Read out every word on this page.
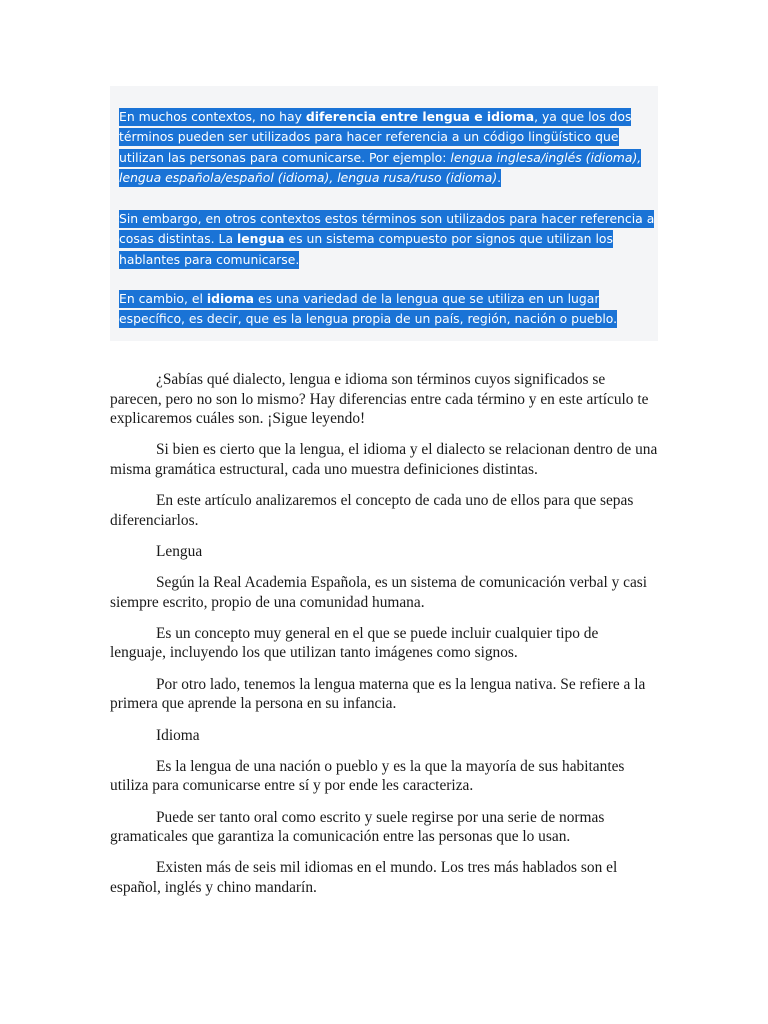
En muchos contextos, no hay diferencia entre lengua e idioma, ya que los dos términos pueden ser utilizados para hacer referencia a un código lingüístico que utilizan las personas para comunicarse. Por ejemplo: lengua inglesa/inglés (idioma), lengua española/español (idioma), lengua rusa/ruso (idioma).

Sin embargo, en otros contextos estos términos son utilizados para hacer referencia a cosas distintas. La lengua es un sistema compuesto por signos que utilizan los hablantes para comunicarse.

En cambio, el idioma es una variedad de la lengua que se utiliza en un lugar específico, es decir, que es la lengua propia de un país, región, nación o pueblo.

¿Sabías qué dialecto, lengua e idioma son términos cuyos significados se parecen, pero no son lo mismo? Hay diferencias entre cada término y en este artículo te explicaremos cuáles son. ¡Sigue leyendo!

Si bien es cierto que la lengua, el idioma y el dialecto se relacionan dentro de una misma gramática estructural, cada uno muestra definiciones distintas.

En este artículo analizaremos el concepto de cada uno de ellos para que sepas diferenciarlos.

Lengua

Según la Real Academia Española, es un sistema de comunicación verbal y casi siempre escrito, propio de una comunidad humana.

Es un concepto muy general en el que se puede incluir cualquier tipo de lenguaje, incluyendo los que utilizan tanto imágenes como signos.

Por otro lado, tenemos la lengua materna que es la lengua nativa. Se refiere a la primera que aprende la persona en su infancia.

Idioma

Es la lengua de una nación o pueblo y es la que la mayoría de sus habitantes utiliza para comunicarse entre sí y por ende les caracteriza.

Puede ser tanto oral como escrito y suele regirse por una serie de normas gramaticales que garantiza la comunicación entre las personas que lo usan.

Existen más de seis mil idiomas en el mundo. Los tres más hablados son el español, inglés y chino mandarín.
